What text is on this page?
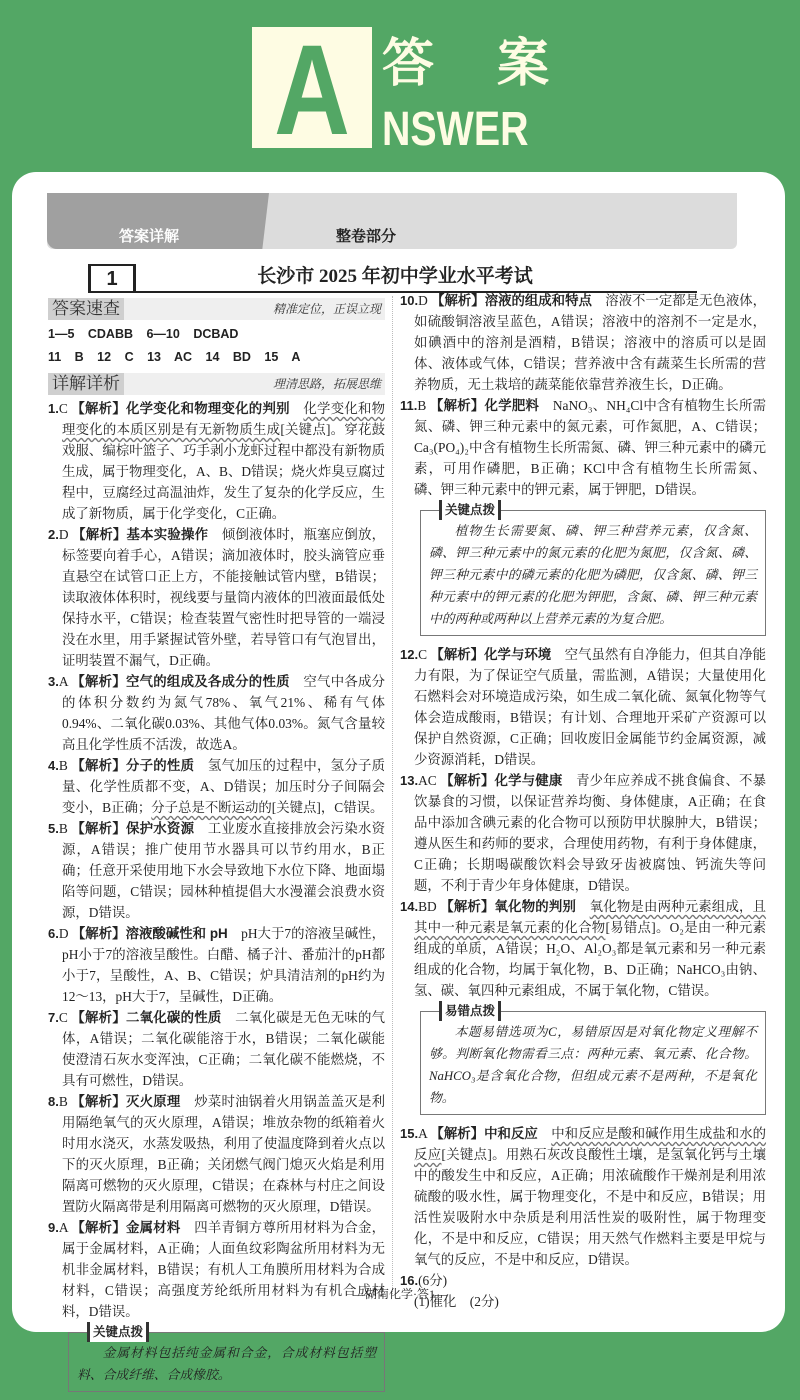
A 答 案
NSWER
答案详解	整卷部分
1	长沙市 2025 年初中学业水平考试
答案速查	精准定位，正误立现
1—5 CDABB 6—10 DCBAD
11 B 12 C 13 AC 14 BD 15 A
详解详析	理清思路，拓展思维
1.C 【解析】化学变化和物理变化的判别　 化学变化和物理变化的本质区别是有无新物质生成[关键点]。穿花鼓戏服、编棕叶篮子、巧手剥小龙虾过程中都没有新物质生成，属于物理变化，A、B、D错误；烧火炸臭豆腐过程中，豆腐经过高温油炸，发生了复杂的化学反应，生成了新物质，属于化学变化，C正确。
2.D 【解析】基本实验操作　倾倒液体时，瓶塞应倒放，标签要向着手心，A错误；滴加液体时，胶头滴管应垂直悬空在试管口正上方，不能接触试管内壁，B错误；读取液体体积时，视线要与量筒内液体的凹液面最低处保持水平，C错误；检查装置气密性时把导管的一端浸没在水里，用手紧握试管外壁，若导管口有气泡冒出，证明装置不漏气，D正确。
3.A 【解析】空气的组成及各成分的性质　空气中各成分的体积分数约为氮气78%、氧气21%、稀有气体0.94%、二氧化碳0.03%、其他气体0.03%。氮气含量较高且化学性质不活泼，故选A。
4.B 【解析】分子的性质　氢气加压的过程中，氢分子质量、化学性质都不变，A、D错误；加压时分子间隔会变小，B正确；分子总是不断运动的[关键点]，C错误。
5.B 【解析】保护水资源　工业废水直接排放会污染水资源，A错误；推广使用节水器具可以节约用水，B正确；任意开采使用地下水会导致地下水位下降、地面塌陷等问题，C错误；园林种植提倡大水漫灌会浪费水资源，D错误。
6.D 【解析】溶液酸碱性和 pH　pH大于7的溶液呈碱性，pH小于7的溶液呈酸性。白醋、橘子汁、番茄汁的pH都小于7，呈酸性，A、B、C错误；炉具清洁剂的pH约为12～13，pH大于7，呈碱性，D正确。
7.C 【解析】二氧化碳的性质　二氧化碳是无色无味的气体，A错误；二氧化碳能溶于水，B错误；二氧化碳能使澄清石灰水变浑浊，C正确；二氧化碳不能燃烧，不具有可燃性，D错误。
8.B 【解析】灭火原理　炒菜时油锅着火用锅盖盖灭是利用隔绝氧气的灭火原理，A错误；堆放杂物的纸箱着火时用水浇灭，水蒸发吸热，利用了使温度降到着火点以下的灭火原理，B正确；关闭燃气阀门熄灭火焰是利用隔离可燃物的灭火原理，C错误；在森林与村庄之间设置防火隔离带是利用隔离可燃物的灭火原理，D错误。
9.A 【解析】金属材料　四羊青铜方尊所用材料为合金，属于金属材料，A正确；人面鱼纹彩陶盆所用材料为无机非金属材料，B错误；有机人工角膜所用材料为合成材料，C错误；高强度芳纶纸所用材料为有机合成材料，D错误。
关键点拨

金属材料包括纯金属和合金，合成材料包括塑料、合成纤维、合成橡胶。

10.D 【解析】溶液的组成和特点　溶液不一定都是无色液体，如硫酸铜溶液呈蓝色，A错误；溶液中的溶剂不一定是水，如碘酒中的溶剂是酒精，B错误；溶液中的溶质可以是固体、液体或气体，C错误；营养液中含有蔬菜生长所需的营养物质，无土栽培的蔬菜能依靠营养液生长，D正确。
11.B 【解析】化学肥料　NaNO₃、NH₄Cl中含有植物生长所需氮、磷、钾三种元素中的氮元素，可作氮肥，A、C错误；Ca₃(PO₄)₂中含有植物生长所需氮、磷、钾三种元素中的磷元素，可用作磷肥，B正确；KCl中含有植物生长所需氮、磷、钾三种元素中的钾元素，属于钾肥，D错误。
关键点拨

植物生长需要氮、磷、钾三种营养元素，仅含氮、磷、钾三种元素中的氮元素的化肥为氮肥，仅含氮、磷、钾三种元素中的磷元素的化肥为磷肥，仅含氮、磷、钾三种元素中的钾元素的化肥为钾肥，含氮、磷、钾三种元素中的两种或两种以上营养元素的为复合肥。

12.C 【解析】化学与环境　空气虽然有自净能力，但其自净能力有限，为了保证空气质量，需监测，A错误；大量使用化石燃料会对环境造成污染，如生成二氧化硫、氮氧化物等气体会造成酸雨，B错误；有计划、合理地开采矿产资源可以保护自然资源，C正确；回收废旧金属能节约金属资源，减少资源消耗，D错误。
13.AC 【解析】化学与健康　青少年应养成不挑食偏食、不暴饮暴食的习惯，以保证营养均衡、身体健康，A正确；在食品中添加含碘元素的化合物可以预防甲状腺肿大，B错误；遵从医生和药师的要求，合理使用药物，有利于身体健康，C正确；长期喝碳酸饮料会导致牙齿被腐蚀、钙流失等问题，不利于青少年身体健康，D错误。
14.BD 【解析】氧化物的判别　 氧化物是由两种元素组成，且其中一种元素是氧元素的化合物[易错点]。O₂是由一种元素组成的单质，A错误；H₂O、Al₂O₃都是氧元素和另一种元素组成的化合物，均属于氧化物，B、D正确；NaHCO₃由钠、氢、碳、氧四种元素组成，不属于氧化物，C错误。
易错点拨

本题易错选项为C，易错原因是对氧化物定义理解不够。判断氧化物需看三点：两种元素、氧元素、化合物。NaHCO₃是含氧化合物，但组成元素不是两种，不是氧化物。

15.A 【解析】中和反应　 中和反应是酸和碱作用生成盐和水的反应[关键点]。用熟石灰改良酸性土壤，是氢氧化钙与土壤中的酸发生中和反应，A正确；用浓硫酸作干燥剂是利用浓硫酸的吸水性，属于物理变化，不是中和反应，B错误；用活性炭吸附水中杂质是利用活性炭的吸附性，属于物理变化，不是中和反应，C错误；用天然气作燃料主要是甲烷与氧气的反应，不是中和反应，D错误。
16.(6分)
(1)催化　(2分)
—湖南化学·答1—
